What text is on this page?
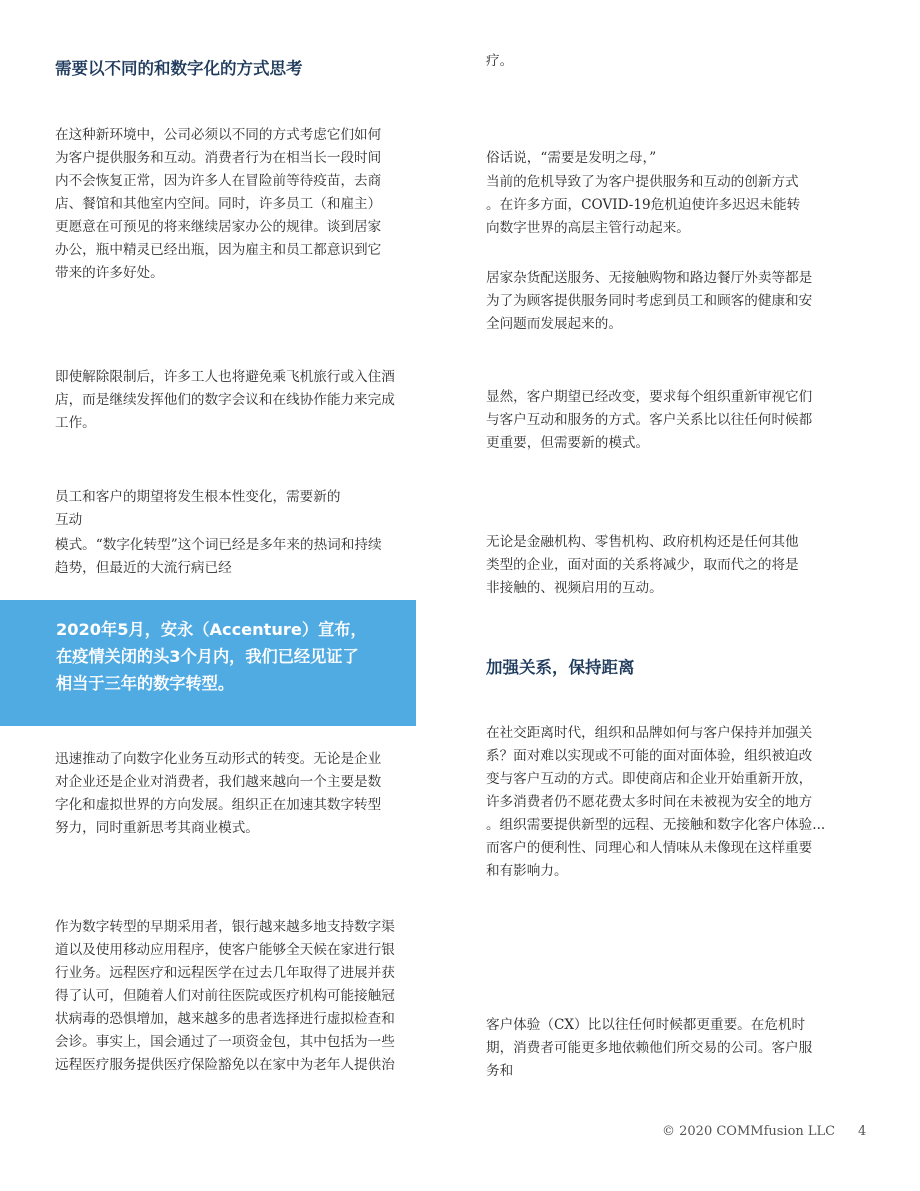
需要以不同的和数字化的方式思考

在这种新环境中，公司必须以不同的方式考虑它们如何
为客户提供服务和互动。消费者行为在相当长一段时间
内不会恢复正常，因为许多人在冒险前等待疫苗，去商
店、餐馆和其他室内空间。同时，许多员工（和雇主）
更愿意在可预见的将来继续居家办公的规律。谈到居家
办公，瓶中精灵已经出瓶，因为雇主和员工都意识到它
带来的许多好处。

即使解除限制后，许多工人也将避免乘飞机旅行或入住酒
店，而是继续发挥他们的数字会议和在线协作能力来完成
工作。

员工和客户的期望将发生根本性变化，需要新的
互动

模式。“数字化转型”这个词已经是多年来的热词和持续
趋势，但最近的大流行病已经

2020年5月，安永（Accenture）宣布，
在疫情关闭的头3个月内，我们已经见证了
相当于三年的数字转型。

迅速推动了向数字化业务互动形式的转变。无论是企业
对企业还是企业对消费者，我们越来越向一个主要是数
字化和虚拟世界的方向发展。组织正在加速其数字转型
努力，同时重新思考其商业模式。

作为数字转型的早期采用者，银行越来越多地支持数字渠
道以及使用移动应用程序，使客户能够全天候在家进行银
行业务。远程医疗和远程医学在过去几年取得了进展并获
得了认可，但随着人们对前往医院或医疗机构可能接触冠
状病毒的恐惧增加，越来越多的患者选择进行虚拟检查和
会诊。事实上，国会通过了一项资金包，其中包括为一些
远程医疗服务提供医疗保险豁免以在家中为老年人提供治

疗。

俗话说，“需要是发明之母，”

当前的危机导致了为客户提供服务和互动的创新方式
。在许多方面，COVID-19危机迫使许多迟迟未能转
向数字世界的高层主管行动起来。

居家杂货配送服务、无接触购物和路边餐厅外卖等都是
为了为顾客提供服务同时考虑到员工和顾客的健康和安
全问题而发展起来的。

显然，客户期望已经改变，要求每个组织重新审视它们
与客户互动和服务的方式。客户关系比以往任何时候都
更重要，但需要新的模式。

无论是金融机构、零售机构、政府机构还是任何其他
类型的企业，面对面的关系将减少，取而代之的将是
非接触的、视频启用的互动。

加强关系，保持距离

在社交距离时代，组织和品牌如何与客户保持并加强关
系？面对难以实现或不可能的面对面体验，组织被迫改
变与客户互动的方式。即使商店和企业开始重新开放，
许多消费者仍不愿花费太多时间在未被视为安全的地方
。组织需要提供新型的远程、无接触和数字化客户体验...
而客户的便利性、同理心和人情味从未像现在这样重要
和有影响力。

客户体验（CX）比以往任何时候都更重要。在危机时
期，消费者可能更多地依赖他们所交易的公司。客户服
务和

© 2020 COMMfusion LLC 4
